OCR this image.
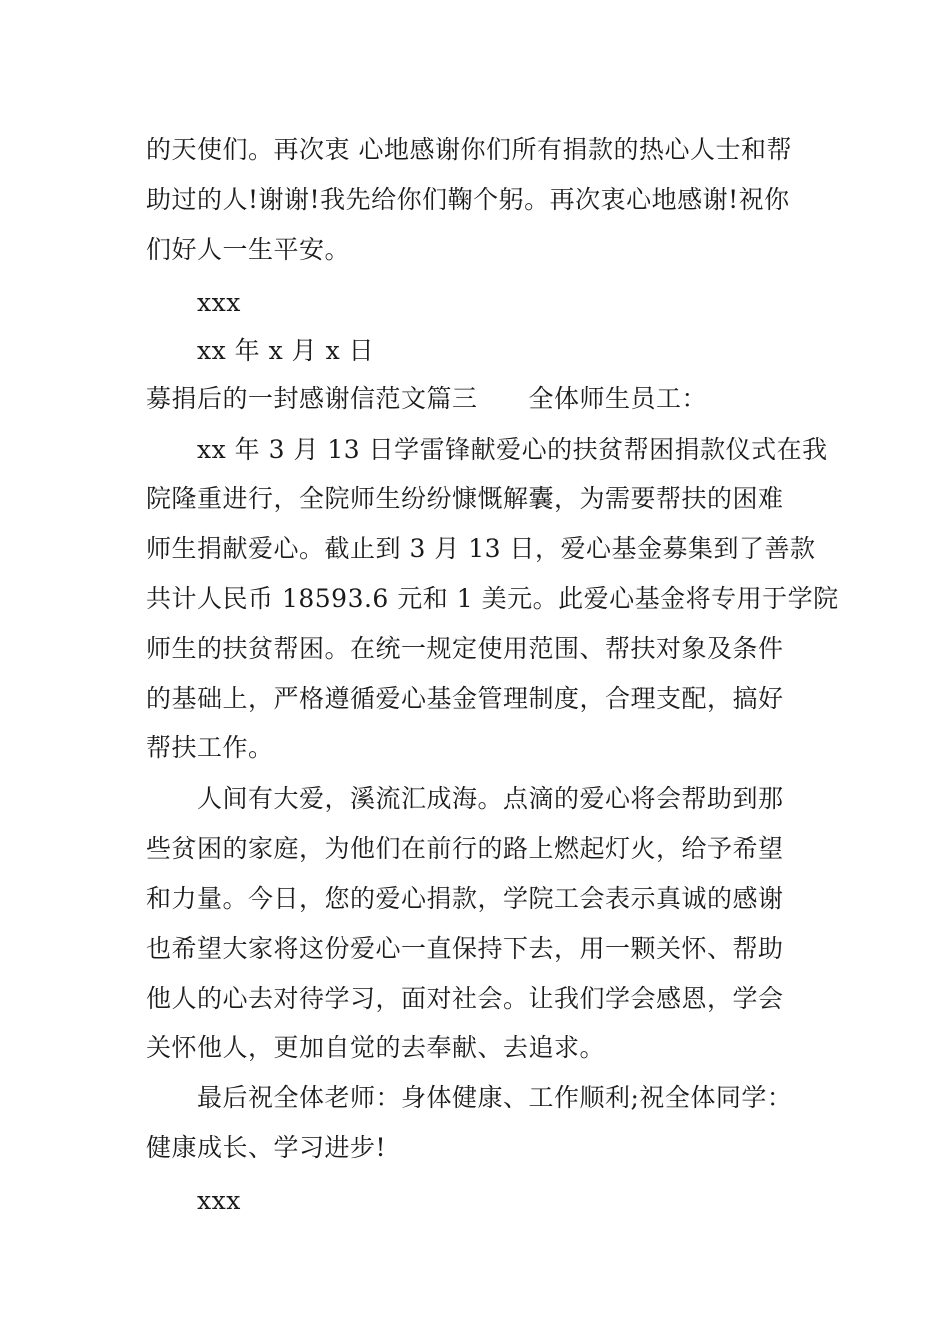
的天使们。再次衷 心地感谢你们所有捐款的热心人士和帮
助过的人!谢谢!我先给你们鞠个躬。再次衷心地感谢!祝你
们好人一生平安。
xxx
xx 年 x 月 x 日
募捐后的一封感谢信范文篇三　　全体师生员工：
xx 年 3 月 13 日学雷锋献爱心的扶贫帮困捐款仪式在我
院隆重进行，全院师生纷纷慷慨解囊，为需要帮扶的困难
师生捐献爱心。截止到 3 月 13 日，爱心基金募集到了善款
共计人民币 18593.6 元和 1 美元。此爱心基金将专用于学院
师生的扶贫帮困。在统一规定使用范围、帮扶对象及条件
的基础上，严格遵循爱心基金管理制度，合理支配，搞好
帮扶工作。
人间有大爱，溪流汇成海。点滴的爱心将会帮助到那
些贫困的家庭，为他们在前行的路上燃起灯火，给予希望
和力量。今日，您的爱心捐款，学院工会表示真诚的感谢
也希望大家将这份爱心一直保持下去，用一颗关怀、帮助
他人的心去对待学习，面对社会。让我们学会感恩，学会
关怀他人，更加自觉的去奉献、去追求。
最后祝全体老师：身体健康、工作顺利;祝全体同学：
健康成长、学习进步!
xxx
